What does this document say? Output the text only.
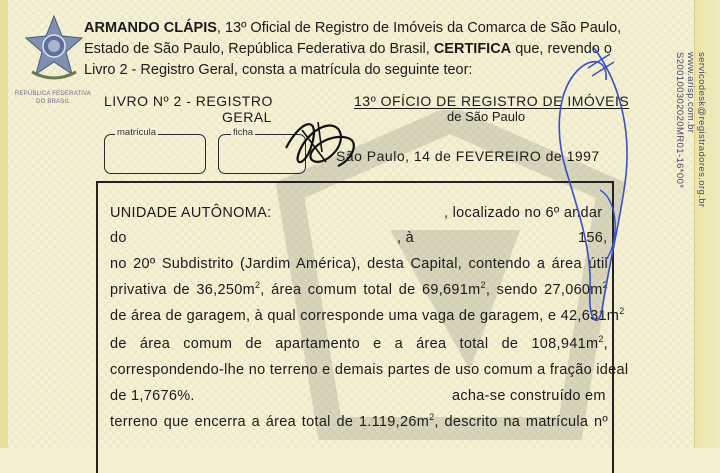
REPÚBLICA FEDERATIVA
DO BRASIL
ARMANDO CLÁPIS, 13º Oficial de Registro de Imóveis da Comarca de São Paulo,
Estado de São Paulo, República Federativa do Brasil, CERTIFICA que, revendo o
Livro 2 - Registro Geral, consta a matrícula do seguinte teor:
LIVRO Nº 2 - REGISTRO
GERAL
13º OFÍCIO DE REGISTRO DE IMÓVEIS
de São Paulo
matrícula	ficha
São Paulo, 14 de FEVEREIRO de 1997
UNIDADE AUTÔNOMA:	, localizado no 6º andar
do	, à	156,
no 20º Subdistrito (Jardim América), desta Capital, contendo a área útil
privativa de $36,250m^2$, área comum total de $69,691m^2$, sendo $27,060m^2$
de área de garagem, à qual corresponde uma vaga de garagem, e $42,631m^2$
de área comum de apartamento e a área total de $108,941m^2$,
correspondendo-lhe no terreno e demais partes de uso comum a fração ideal
de 1,7676%.	acha-se construído em
terreno que encerra a área total de $1.119,26m^2$, descrito na matrícula nº
servicodesk@registradores.org.br
www.arisp.com.br
S200100302020MR01-16*00*
